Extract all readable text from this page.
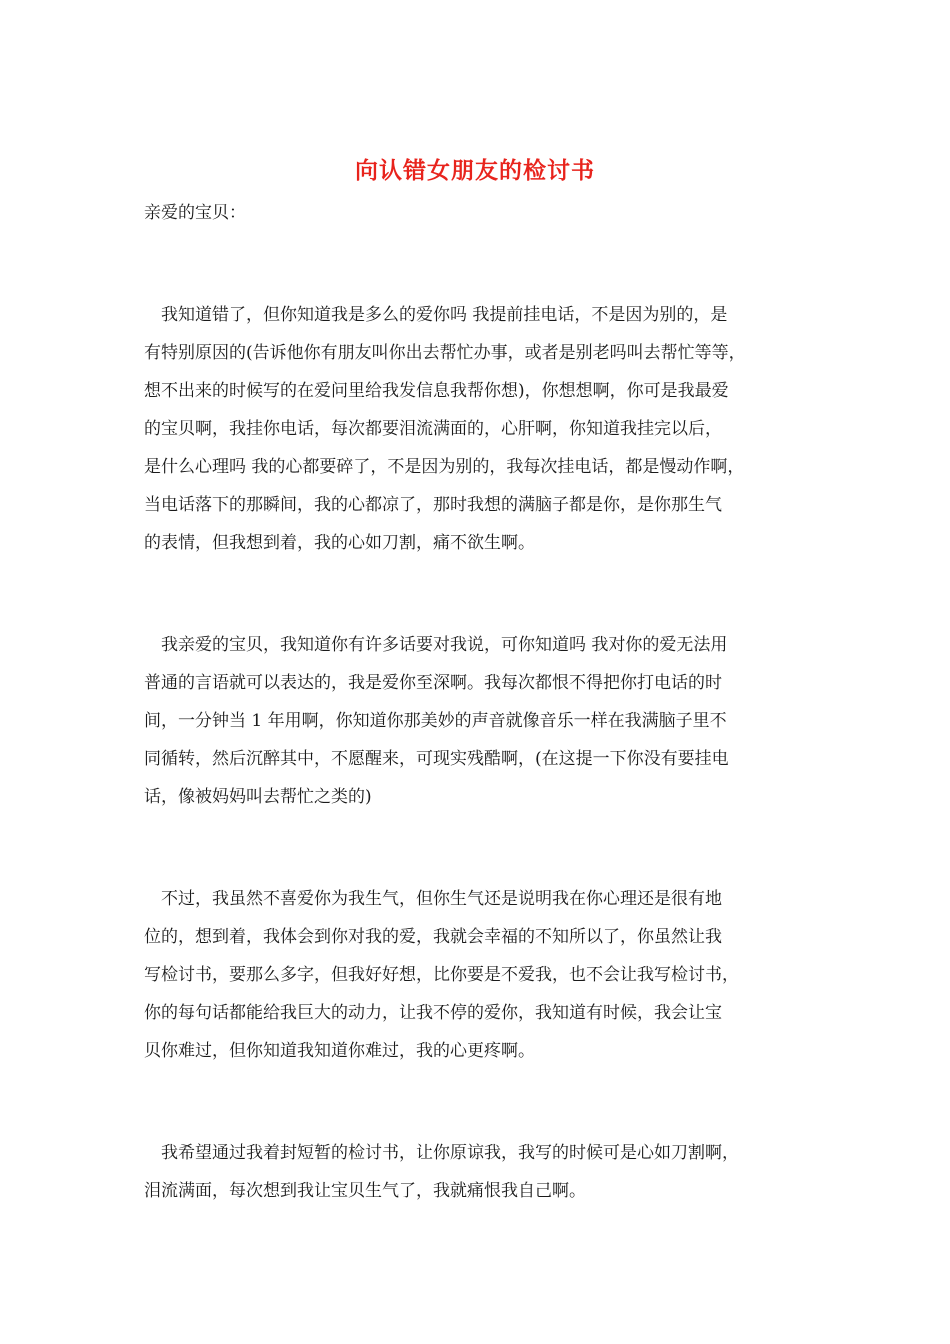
向认错女朋友的检讨书
亲爱的宝贝：
　我知道错了，但你知道我是多么的爱你吗 我提前挂电话，不是因为别的，是
有特别原因的(告诉他你有朋友叫你出去帮忙办事，或者是别老吗叫去帮忙等等，
想不出来的时候写的在爱问里给我发信息我帮你想)，你想想啊，你可是我最爱
的宝贝啊，我挂你电话，每次都要泪流满面的，心肝啊，你知道我挂完以后，
是什么心理吗 我的心都要碎了，不是因为别的，我每次挂电话，都是慢动作啊，
当电话落下的那瞬间，我的心都凉了，那时我想的满脑子都是你，是你那生气
的表情，但我想到着，我的心如刀割，痛不欲生啊。
　我亲爱的宝贝，我知道你有许多话要对我说，可你知道吗 我对你的爱无法用
普通的言语就可以表达的，我是爱你至深啊。我每次都恨不得把你打电话的时
间，一分钟当 1 年用啊，你知道你那美妙的声音就像音乐一样在我满脑子里不
同循转，然后沉醉其中，不愿醒来，可现实残酷啊，(在这提一下你没有要挂电
话，像被妈妈叫去帮忙之类的)
　不过，我虽然不喜爱你为我生气，但你生气还是说明我在你心理还是很有地
位的，想到着，我体会到你对我的爱，我就会幸福的不知所以了，你虽然让我
写检讨书，要那么多字，但我好好想，比你要是不爱我，也不会让我写检讨书，
你的每句话都能给我巨大的动力，让我不停的爱你，我知道有时候，我会让宝
贝你难过，但你知道我知道你难过，我的心更疼啊。
　我希望通过我着封短暂的检讨书，让你原谅我，我写的时候可是心如刀割啊，
泪流满面，每次想到我让宝贝生气了，我就痛恨我自己啊。
